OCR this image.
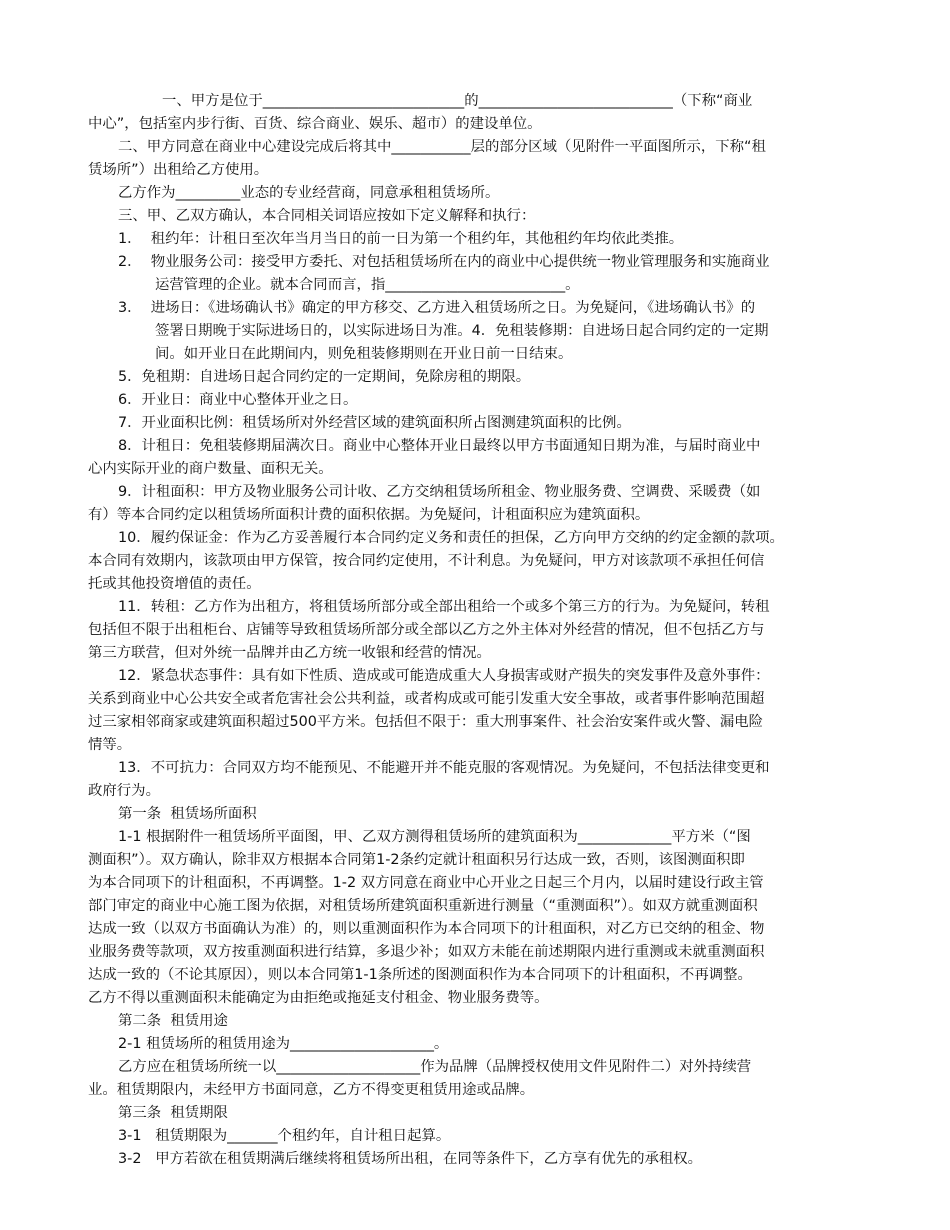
一、甲方是位于____________________________的___________________________（下称“商业
中心”，包括室内步行街、百货、综合商业、娱乐、超市）的建设单位。
二、甲方同意在商业中心建设完成后将其中___________层的部分区域（见附件一平面图所示，下称“租
赁场所”）出租给乙方使用。
乙方作为_________业态的专业经营商，同意承租租赁场所。
三、甲、乙双方确认，本合同相关词语应按如下定义解释和执行：
1．  租约年：计租日至次年当月当日的前一日为第一个租约年，其他租约年均依此类推。
2．  物业服务公司：接受甲方委托、对包括租赁场所在内的商业中心提供统一物业管理服务和实施商业
运营管理的企业。就本合同而言，指_________________________。
3．  进场日：《进场确认书》确定的甲方移交、乙方进入租赁场所之日。为免疑问，《进场确认书》的
签署日期晚于实际进场日的，以实际进场日为准。4．免租装修期：自进场日起合同约定的一定期
间。如开业日在此期间内，则免租装修期则在开业日前一日结束。
5．免租期：自进场日起合同约定的一定期间，免除房租的期限。
6．开业日：商业中心整体开业之日。
7．开业面积比例：租赁场所对外经营区域的建筑面积所占图测建筑面积的比例。
8．计租日：免租装修期届满次日。商业中心整体开业日最终以甲方书面通知日期为准，与届时商业中
心内实际开业的商户数量、面积无关。
9．计租面积：甲方及物业服务公司计收、乙方交纳租赁场所租金、物业服务费、空调费、采暖费（如
有）等本合同约定以租赁场所面积计费的面积依据。为免疑问，计租面积应为建筑面积。
10．履约保证金：作为乙方妥善履行本合同约定义务和责任的担保，乙方向甲方交纳的约定金额的款项。
本合同有效期内，该款项由甲方保管，按合同约定使用，不计利息。为免疑问，甲方对该款项不承担任何信
托或其他投资增值的责任。
11．转租：乙方作为出租方，将租赁场所部分或全部出租给一个或多个第三方的行为。为免疑问，转租
包括但不限于出租柜台、店铺等导致租赁场所部分或全部以乙方之外主体对外经营的情况，但不包括乙方与
第三方联营，但对外统一品牌并由乙方统一收银和经营的情况。
12．紧急状态事件：具有如下性质、造成或可能造成重大人身损害或财产损失的突发事件及意外事件：
关系到商业中心公共安全或者危害社会公共利益，或者构成或可能引发重大安全事故，或者事件影响范围超
过三家相邻商家或建筑面积超过500平方米。包括但不限于：重大刑事案件、社会治安案件或火警、漏电险
情等。
13．不可抗力：合同双方均不能预见、不能避开并不能克服的客观情况。为免疑问，不包括法律变更和
政府行为。
第一条  租赁场所面积
1-1 根据附件一租赁场所平面图，甲、乙双方测得租赁场所的建筑面积为_____________平方米（“图
测面积”）。双方确认，除非双方根据本合同第1-2条约定就计租面积另行达成一致，否则，该图测面积即
为本合同项下的计租面积，不再调整。1-2 双方同意在商业中心开业之日起三个月内，以届时建设行政主管
部门审定的商业中心施工图为依据，对租赁场所建筑面积重新进行测量（“重测面积”）。如双方就重测面积
达成一致（以双方书面确认为准）的，则以重测面积作为本合同项下的计租面积，对乙方已交纳的租金、物
业服务费等款项，双方按重测面积进行结算，多退少补；如双方未能在前述期限内进行重测或未就重测面积
达成一致的（不论其原因），则以本合同第1-1条所述的图测面积作为本合同项下的计租面积，不再调整。
乙方不得以重测面积未能确定为由拒绝或拖延支付租金、物业服务费等。
第二条  租赁用途
2-1 租赁场所的租赁用途为____________________。
乙方应在租赁场所统一以____________________作为品牌（品牌授权使用文件见附件二）对外持续营
业。租赁期限内，未经甲方书面同意，乙方不得变更租赁用途或品牌。
第三条  租赁期限
3-1   租赁期限为_______个租约年，自计租日起算。
3-2   甲方若欲在租赁期满后继续将租赁场所出租，在同等条件下，乙方享有优先的承租权。
